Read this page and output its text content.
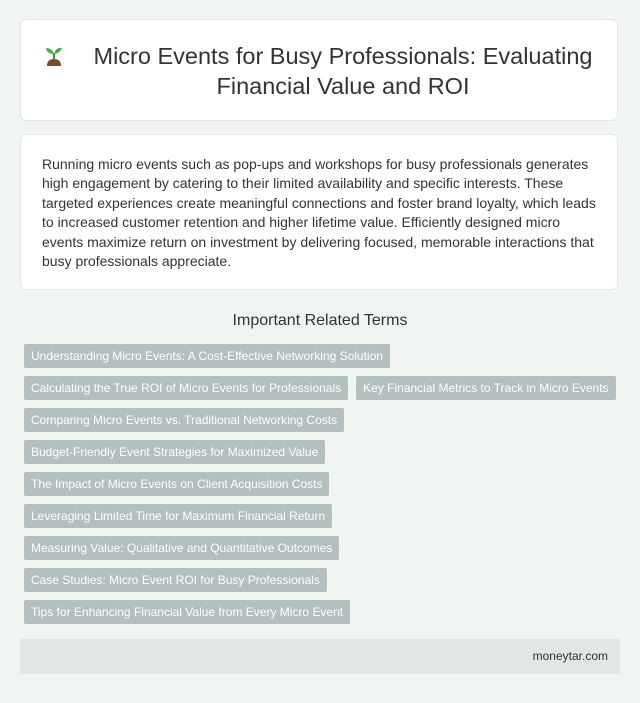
Micro Events for Busy Professionals: Evaluating Financial Value and ROI
Running micro events such as pop-ups and workshops for busy professionals generates high engagement by catering to their limited availability and specific interests. These targeted experiences create meaningful connections and foster brand loyalty, which leads to increased customer retention and higher lifetime value. Efficiently designed micro events maximize return on investment by delivering focused, memorable interactions that busy professionals appreciate.
Important Related Terms
Understanding Micro Events: A Cost-Effective Networking Solution
Calculating the True ROI of Micro Events for Professionals	Key Financial Metrics to Track in Micro Events
Comparing Micro Events vs. Traditional Networking Costs
Budget-Friendly Event Strategies for Maximized Value
The Impact of Micro Events on Client Acquisition Costs
Leveraging Limited Time for Maximum Financial Return
Measuring Value: Qualitative and Quantitative Outcomes
Case Studies: Micro Event ROI for Busy Professionals
Tips for Enhancing Financial Value from Every Micro Event
moneytar.com
